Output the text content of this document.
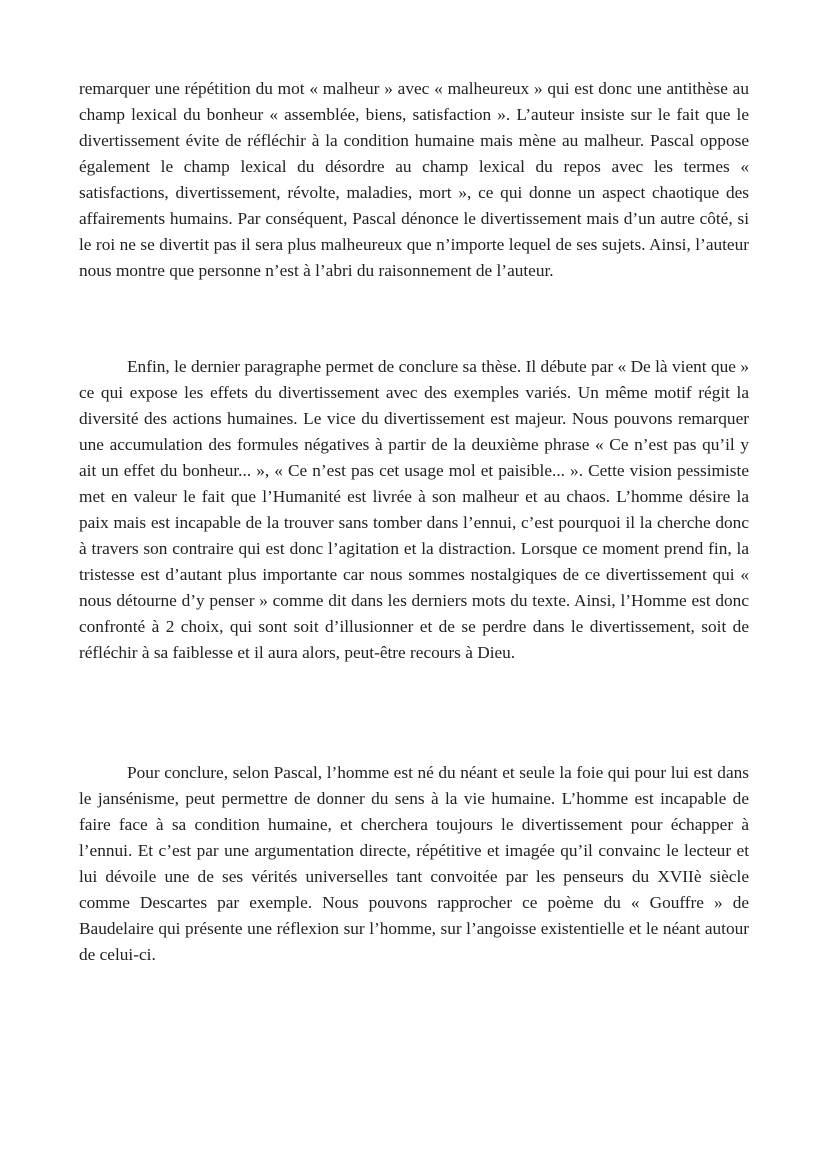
remarquer une répétition du mot « malheur » avec « malheureux » qui est donc une antithèse au champ lexical du bonheur « assemblée, biens, satisfaction ». L’auteur insiste sur le fait que le divertissement évite de réfléchir à la condition humaine mais mène au malheur. Pascal oppose également le champ lexical du désordre au champ lexical du repos avec les termes « satisfactions, divertissement, révolte, maladies, mort », ce qui donne un aspect chaotique des affairements humains. Par conséquent, Pascal dénonce le divertissement mais d’un autre côté, si le roi ne se divertit pas il sera plus malheureux que n’importe lequel de ses sujets. Ainsi, l’auteur nous montre que personne n’est à l’abri du raisonnement de l’auteur.

Enfin, le dernier paragraphe permet de conclure sa thèse. Il débute par « De là vient que » ce qui expose les effets du divertissement avec des exemples variés. Un même motif régit la diversité des actions humaines. Le vice du divertissement est majeur. Nous pouvons remarquer une accumulation des formules négatives à partir de la deuxième phrase « Ce n’est pas qu’il y ait un effet du bonheur... », « Ce n’est pas cet usage mol et paisible... ». Cette vision pessimiste met en valeur le fait que l’Humanité est livrée à son malheur et au chaos. L’homme désire la paix mais est incapable de la trouver sans tomber dans l’ennui, c’est pourquoi il la cherche donc à travers son contraire qui est donc l’agitation et la distraction. Lorsque ce moment prend fin, la tristesse est d’autant plus importante car nous sommes nostalgiques de ce divertissement qui « nous détourne d’y penser » comme dit dans les derniers mots du texte. Ainsi, l’Homme est donc confronté à 2 choix, qui sont soit d’illusionner et de se perdre dans le divertissement, soit de réfléchir à sa faiblesse et il aura alors, peut-être recours à Dieu.

Pour conclure, selon Pascal, l’homme est né du néant et seule la foie qui pour lui est dans le jansénisme, peut permettre de donner du sens à la vie humaine. L’homme est incapable de faire face à sa condition humaine, et cherchera toujours le divertissement pour échapper à l’ennui. Et c’est par une argumentation directe, répétitive et imagée qu’il convainc le lecteur et lui dévoile une de ses vérités universelles tant convoitée par les penseurs du XVIIè siècle comme Descartes par exemple. Nous pouvons rapprocher ce poème du « Gouffre » de Baudelaire qui présente une réflexion sur l’homme, sur l’angoisse existentielle et le néant autour de celui-ci.
